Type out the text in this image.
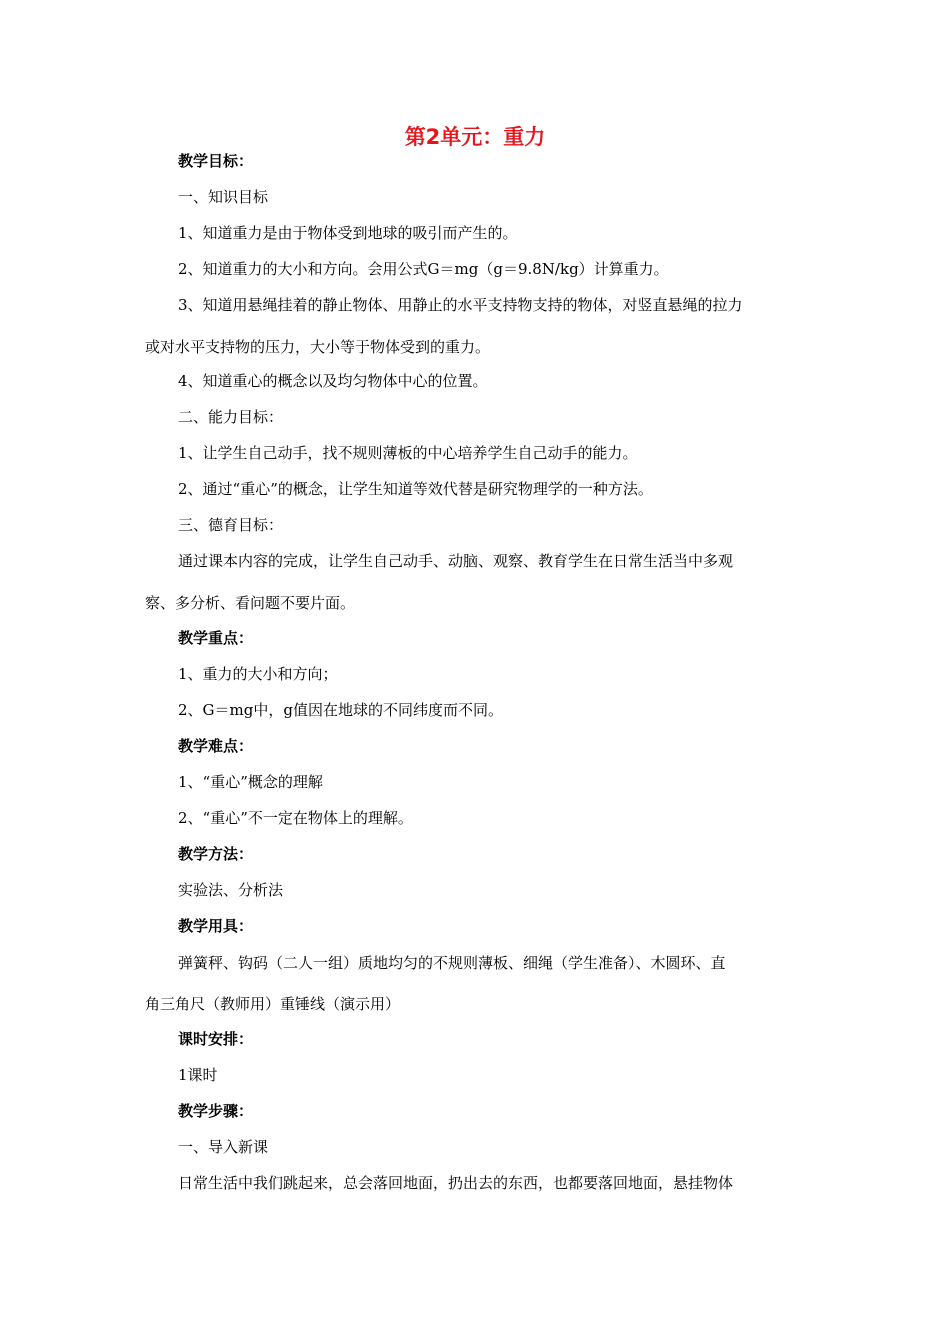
第2单元：重力
教学目标：
一、知识目标
1、知道重力是由于物体受到地球的吸引而产生的。
2、知道重力的大小和方向。会用公式G＝mg（g＝9.8N/kg）计算重力。
3、知道用悬绳挂着的静止物体、用静止的水平支持物支持的物体，对竖直悬绳的拉力
或对水平支持物的压力，大小等于物体受到的重力。
4、知道重心的概念以及均匀物体中心的位置。
二、能力目标：
1、让学生自己动手，找不规则薄板的中心培养学生自己动手的能力。
2、通过“重心”的概念，让学生知道等效代替是研究物理学的一种方法。
三、德育目标：
通过课本内容的完成，让学生自己动手、动脑、观察、教育学生在日常生活当中多观
察、多分析、看问题不要片面。
教学重点：
1、重力的大小和方向；
2、G＝mg中，g值因在地球的不同纬度而不同。
教学难点：
1、“重心”概念的理解
2、“重心”不一定在物体上的理解。
教学方法：
实验法、分析法
教学用具：
弹簧秤、钩码（二人一组）质地均匀的不规则薄板、细绳（学生准备）、木圆环、直
角三角尺（教师用）重锤线（演示用）
课时安排：
1课时
教学步骤：
一、导入新课
日常生活中我们跳起来，总会落回地面，扔出去的东西，也都要落回地面，悬挂物体
